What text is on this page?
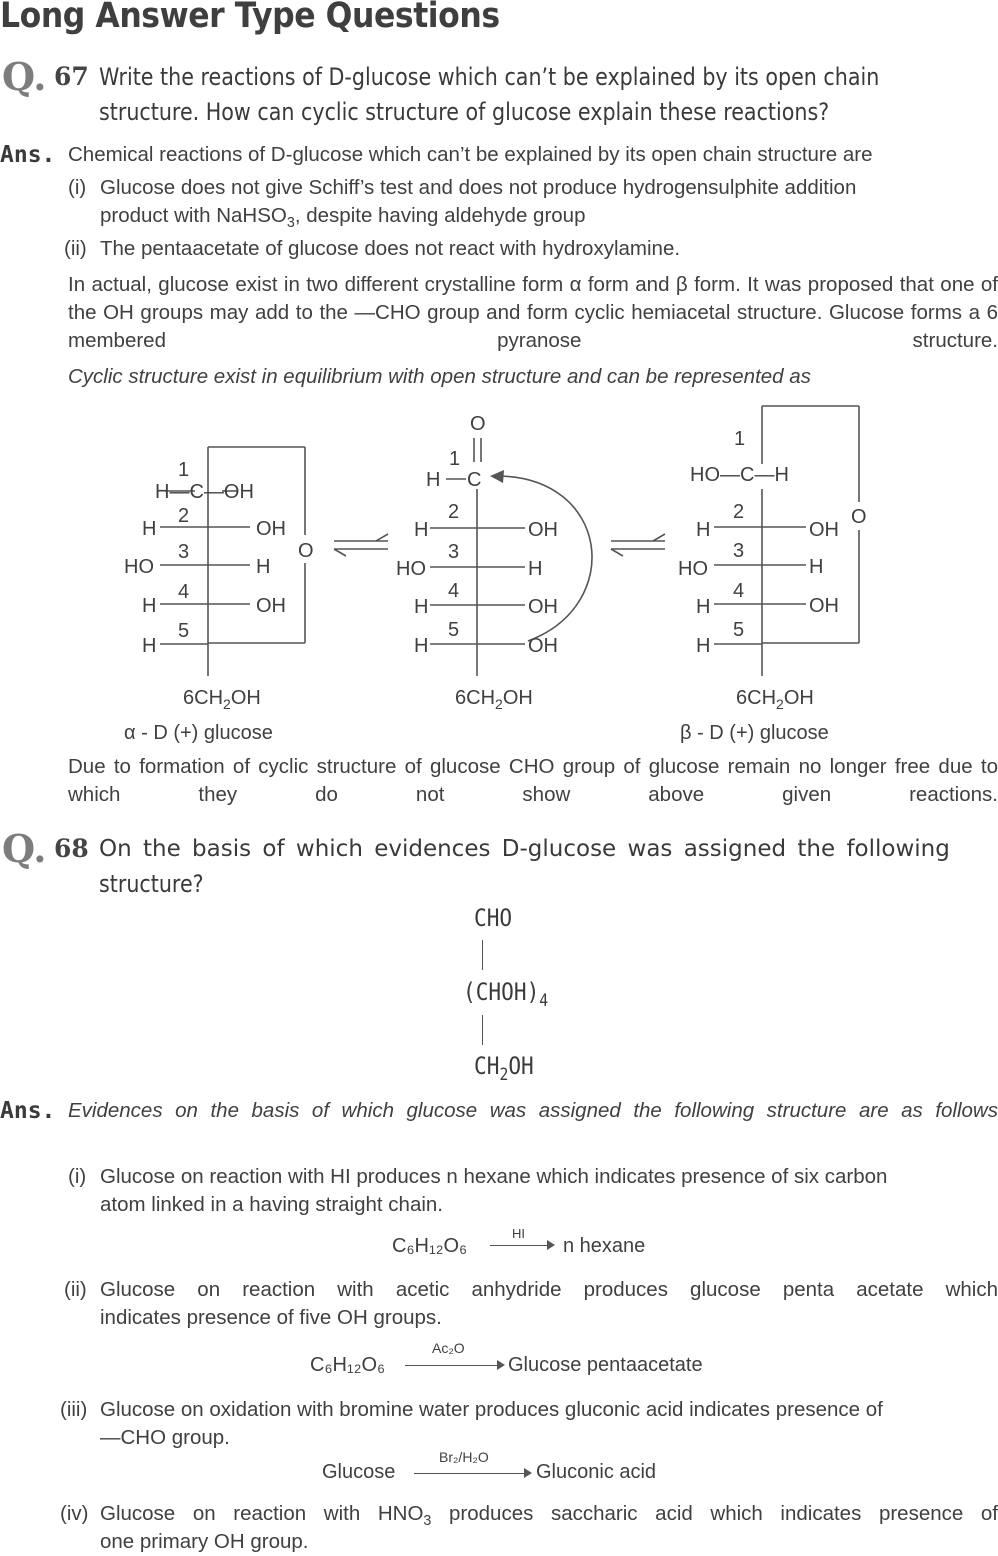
Long Answer Type Questions
Q. 67 Write the reactions of D-glucose which can’t be explained by its open chain
structure. How can cyclic structure of glucose explain these reactions?
Ans. Chemical reactions of D-glucose which can’t be explained by its open chain structure are
(i) Glucose does not give Schiff’s test and does not produce hydrogensulphite addition
product with NaHSO$_3$, despite having aldehyde group
(ii) The pentaacetate of glucose does not react with hydroxylamine.
In actual, glucose exist in two different crystalline form α form and β form. It was proposed that one of the OH groups may add to the —CHO group and form cyclic hemiacetal structure. Glucose forms a 6 membered pyranose structure.
Cyclic structure exist in equilibrium with open structure and can be represented as
1
H—C—OH
2
H	OH
3
HO	H
O
4
H	OH
5
H
$6CH_2OH$
α - D (+) glucose
O
1
H C
2
H	OH
3
HO	H
4
H	OH
5
H	OH
$6CH_2OH$
1
HO—C—H
2
H	OH
O
3
HO	H
4
H	OH
5
H
$6CH_2OH$
β - D (+) glucose
Due to formation of cyclic structure of glucose CHO group of glucose remain no longer free due to which they do not show above given reactions.
Q. 68 On the basis of which evidences D-glucose was assigned the following
structure?
CHO
$(CHOH)_4$
$CH_2OH$
Ans. Evidences on the basis of which glucose was assigned the following structure are as follows
(i) Glucose on reaction with HI produces n hexane which indicates presence of six carbon
atom linked in a having straight chain.
C₆H₁₂O₆
HI
n hexane
(ii) Glucose on reaction with acetic anhydride produces glucose penta acetate which
indicates presence of five OH groups.
C₆H₁₂O₆
Ac₂O
Glucose pentaacetate
(iii) Glucose on oxidation with bromine water produces gluconic acid indicates presence of
—CHO group.
Glucose
Br₂/H₂O
Gluconic acid
(iv) Glucose on reaction with $HNO_3$ produces saccharic acid which indicates presence of
one primary OH group.
